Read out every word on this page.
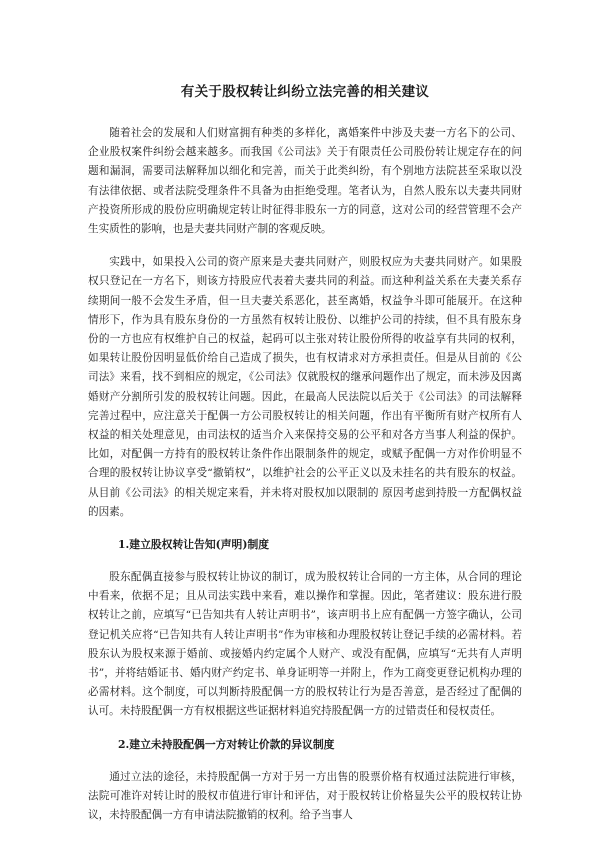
有关于股权转让纠纷立法完善的相关建议

随着社会的发展和人们财富拥有种类的多样化，离婚案件中涉及夫妻一方名下的公司、企业股权案件纠纷会越来越多。而我国《公司法》关于有限责任公司股份转让规定存在的问题和漏洞，需要司法解释加以细化和完善，而关于此类纠纷，有个别地方法院甚至采取以没有法律依据、或者法院受理条件不具备为由拒绝受理。笔者认为，自然人股东以夫妻共同财产投资所形成的股份应明确规定转让时征得非股东一方的同意，这对公司的经营管理不会产生实质性的影响，也是夫妻共同财产制的客观反映。

实践中，如果投入公司的资产原来是夫妻共同财产，则股权应为夫妻共同财产。如果股权只登记在一方名下，则该方持股应代表着夫妻共同的利益。而这种利益关系在夫妻关系存续期间一般不会发生矛盾，但一旦夫妻关系恶化，甚至离婚，权益争斗即可能展开。在这种情形下，作为具有股东身份的一方虽然有权转让股份、以维护公司的持续，但不具有股东身份的一方也应有权维护自己的权益，起码可以主张对转让股份所得的收益享有共同的权利，如果转让股份因明显低价给自己造成了损失，也有权请求对方承担责任。但是从目前的《公司法》来看，找不到相应的规定，《公司法》仅就股权的继承问题作出了规定，而未涉及因离婚财产分割所引发的股权转让问题。因此，在最高人民法院以后关于《公司法》的司法解释完善过程中，应注意关于配偶一方公司股权转让的相关问题，作出有平衡所有财产权所有人权益的相关处理意见，由司法权的适当介入来保持交易的公平和对各方当事人利益的保护。比如，对配偶一方持有的股权转让条件作出限制条件的规定，或赋予配偶一方对作价明显不合理的股权转让协议享受“撤销权”，以维护社会的公平正义以及未挂名的共有股东的权益。从目前《公司法》的相关规定来看，并未将对股权加以限制的 原因考虑到持股一方配偶权益的因素。

1.建立股权转让告知(声明)制度

股东配偶直接参与股权转让协议的制订，成为股权转让合同的一方主体，从合同的理论中看来，依据不足；且从司法实践中来看，难以操作和掌握。因此，笔者建议：股东进行股权转让之前，应填写“已告知共有人转让声明书”，该声明书上应有配偶一方签字确认，公司登记机关应将“已告知共有人转让声明书”作为审核和办理股权转让登记手续的必需材料。若股东认为股权来源于婚前、或接婚内约定属个人财产、或没有配偶，应填写“无共有人声明书”，并将结婚证书、婚内财产约定书、单身证明等一并附上，作为工商变更登记机构办理的必需材料。这个制度，可以判断持股配偶一方的股权转让行为是否善意，是否经过了配偶的认可。未持股配偶一方有权根据这些证据材料追究持股配偶一方的过错责任和侵权责任。

2.建立未持股配偶一方对转让价款的异议制度

通过立法的途径，未持股配偶一方对于另一方出售的股票价格有权通过法院进行审核，法院可准许对转让时的股权市值进行审计和评估，对于股权转让价格显失公平的股权转让协议，未持股配偶一方有申请法院撤销的权利。给予当事人
